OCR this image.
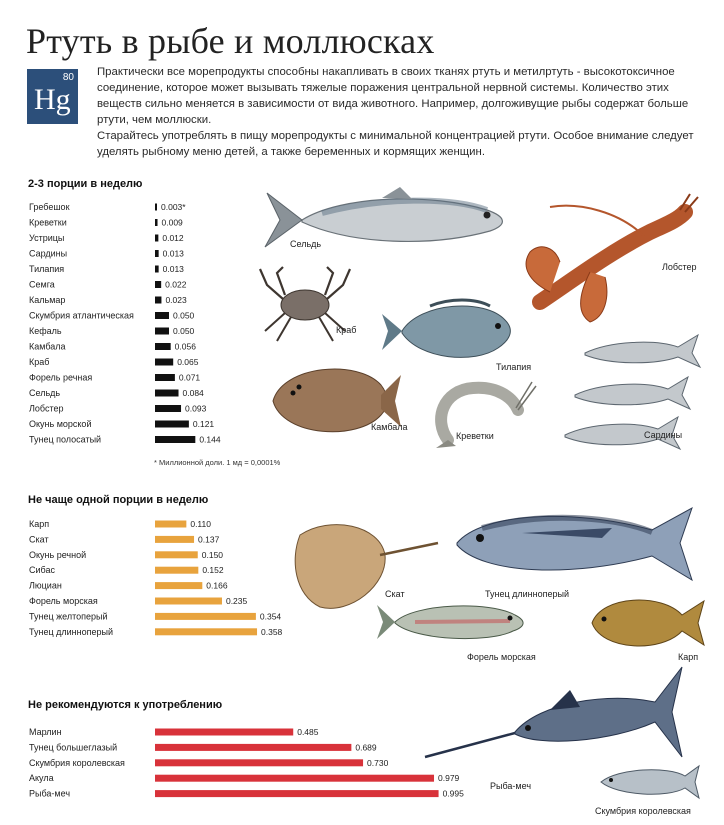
Ртуть в рыбе и моллюсках
80
Hg

Практически все морепродукты способны накапливать в своих тканях ртуть и метилртуть - высокотоксичное соединение, которое может вызывать тяжелые поражения центральной нервной системы. Количество этих веществ сильно меняется в зависимости от вида животного. Например, долгоживущие рыбы содержат больше ртути, чем моллюски.

Старайтесь употреблять в пищу морепродукты с минимальной концентрацией ртути. Особое внимание следует уделять рыбному меню детей, а также беременных и кормящих женщин.

2-3 порции в неделю
Не чаще одной порции в неделю
Не рекомендуются к употреблению
Гребешок	0.003*
Креветки	0.009
Устрицы	0.012
Сардины	0.013
Тилапия	0.013
Семга	0.022
Кальмар	0.023
Скумбрия атлантическая	0.050
Кефаль	0.050
Камбала	0.056
Краб	0.065
Форель речная	0.071
Сельдь	0.084
Лобстер	0.093
Окунь морской	0.121
Тунец полосатый	0.144
Карп	0.110
Скат	0.137
Окунь речной	0.150
Сибас	0.152
Люциан	0.166
Форель морская	0.235
Тунец желтоперый	0.354
Тунец длинноперый	0.358
Марлин	0.485
Тунец большеглазый	0.689
Скумбрия королевская	0.730
Акула	0.979
Рыба-меч	0.995
* Миллионной доли. 1 мд = 0,0001%
Сельдь
Лобстер
Краб
Тилапия
Камбала
Креветки	Сардины
Скат	Тунец длинноперый
Форель морская	Карп
Рыба-меч
Скумбрия королевская
